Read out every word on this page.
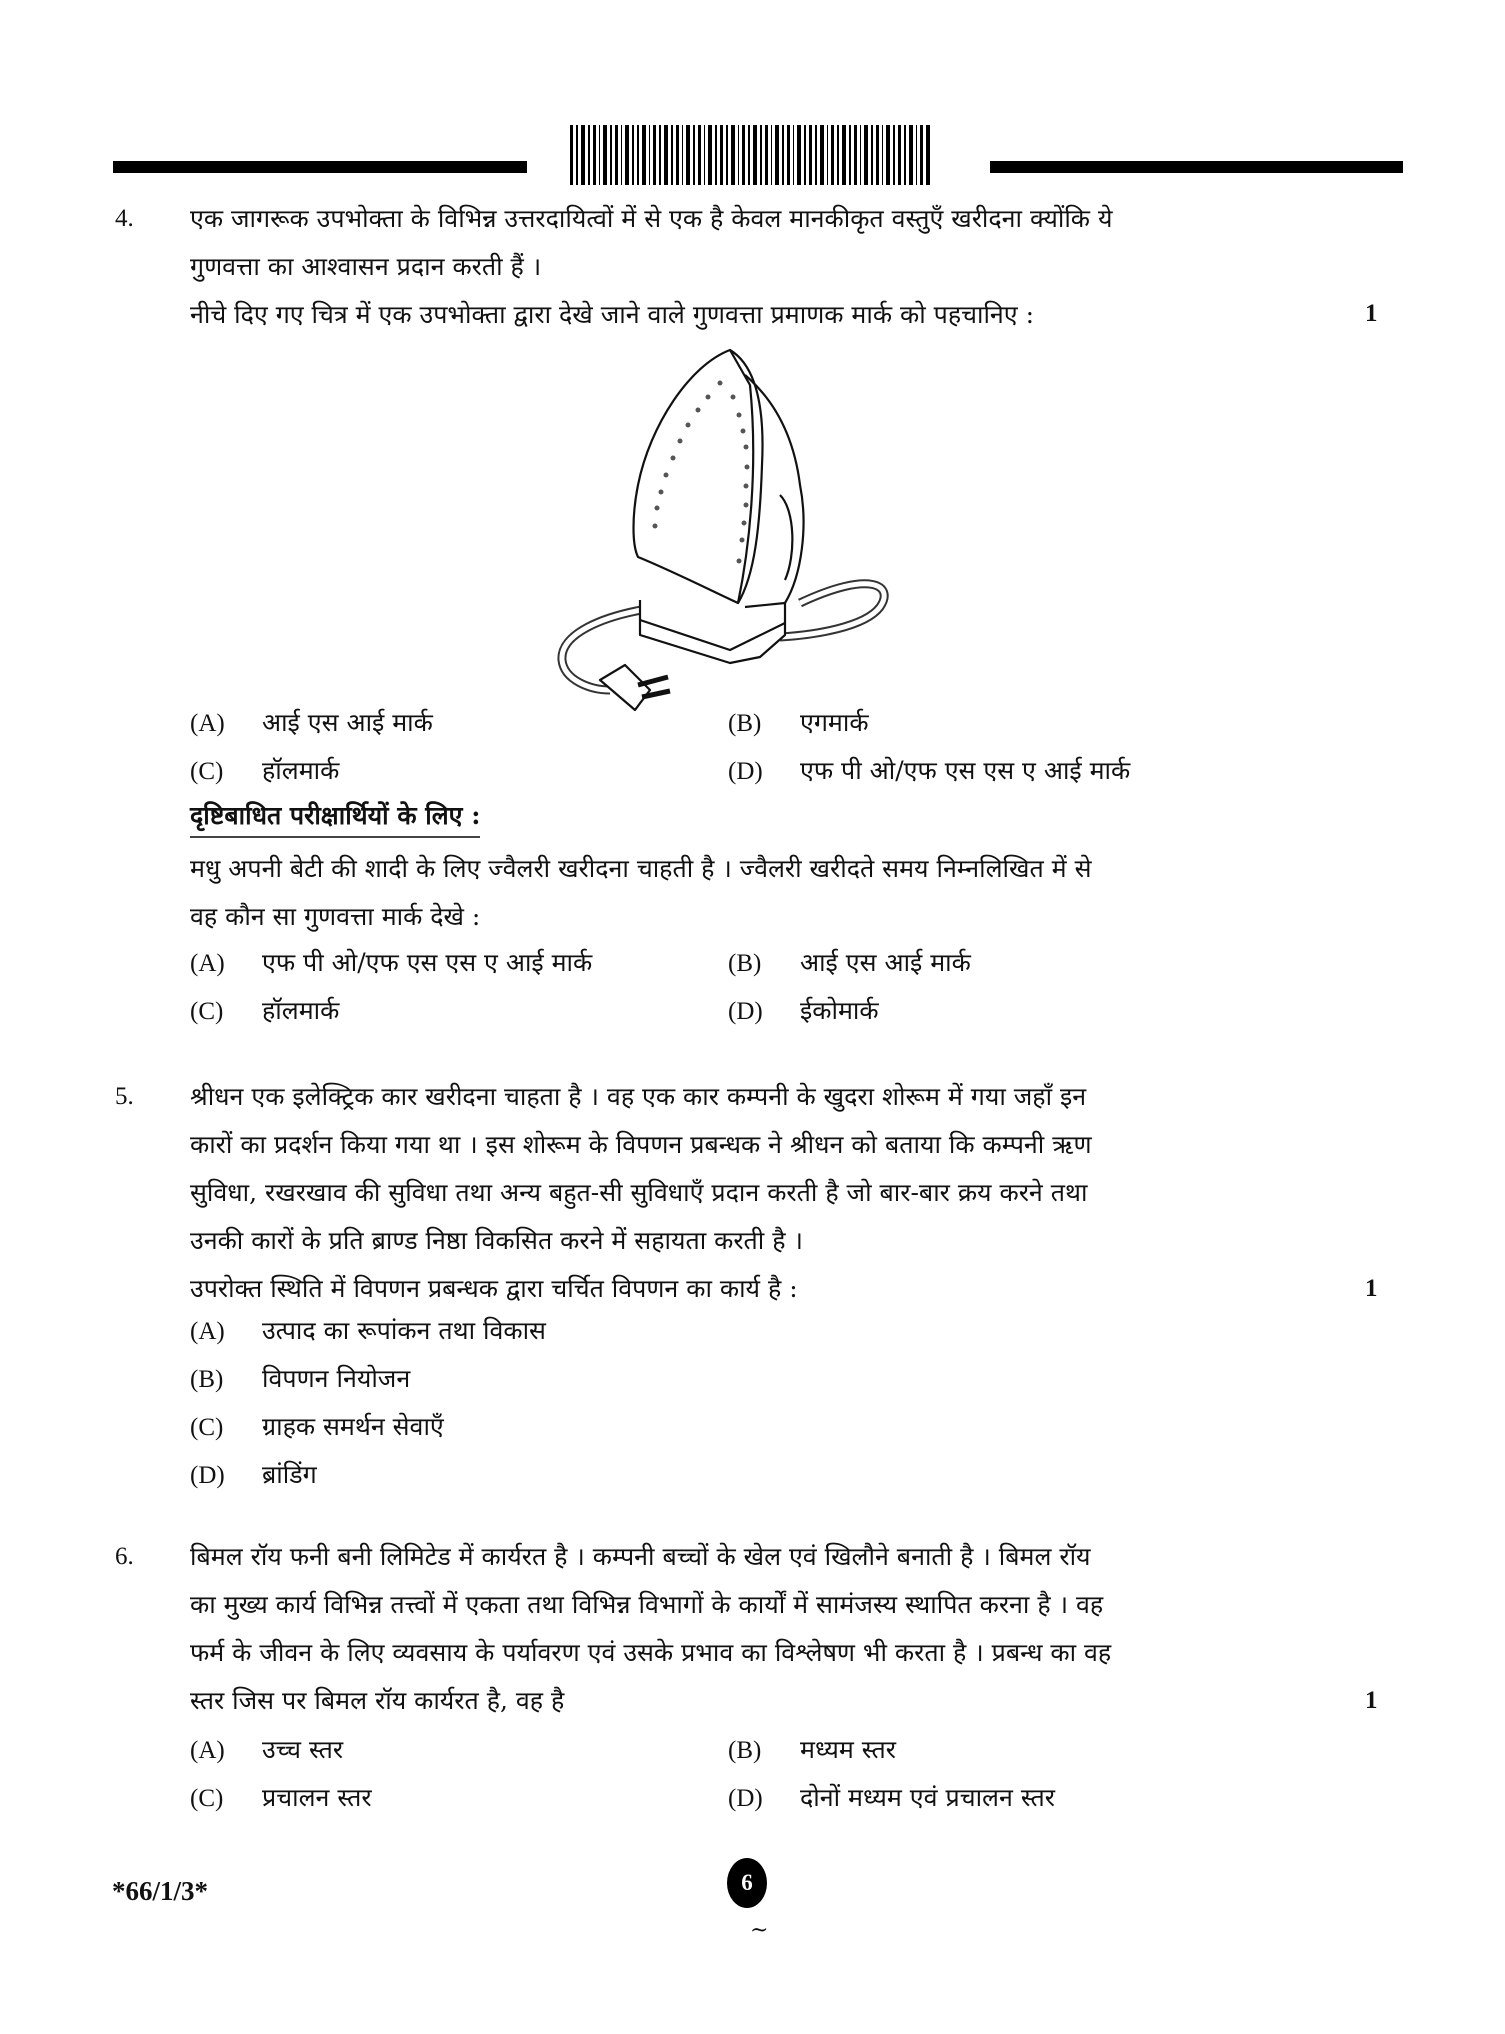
4. एक जागरूक उपभोक्ता के विभिन्न उत्तरदायित्वों में से एक है केवल मानकीकृत वस्तुएँ खरीदना क्योंकि ये
गुणवत्ता का आश्वासन प्रदान करती हैं ।
नीचे दिए गए चित्र में एक उपभोक्ता द्वारा देखे जाने वाले गुणवत्ता प्रमाणक मार्क को पहचानिए :	1
(A) आई एस आई मार्क	(B) एगमार्क
(C) हॉलमार्क	(D) एफ पी ओ/एफ एस एस ए आई मार्क
दृष्टिबाधित परीक्षार्थियों के लिए :
मधु अपनी बेटी की शादी के लिए ज्वैलरी खरीदना चाहती है । ज्वैलरी खरीदते समय निम्नलिखित में से
वह कौन सा गुणवत्ता मार्क देखे :
(A) एफ पी ओ/एफ एस एस ए आई मार्क	(B) आई एस आई मार्क
(C) हॉलमार्क	(D) ईकोमार्क
5. श्रीधन एक इलेक्ट्रिक कार खरीदना चाहता है । वह एक कार कम्पनी के खुदरा शोरूम में गया जहाँ इन
कारों का प्रदर्शन किया गया था । इस शोरूम के विपणन प्रबन्धक ने श्रीधन को बताया कि कम्पनी ऋण
सुविधा, रखरखाव की सुविधा तथा अन्य बहुत-सी सुविधाएँ प्रदान करती है जो बार-बार क्रय करने तथा
उनकी कारों के प्रति ब्राण्ड निष्ठा विकसित करने में सहायता करती है ।
उपरोक्त स्थिति में विपणन प्रबन्धक द्वारा चर्चित विपणन का कार्य है :	1
(A) उत्पाद का रूपांकन तथा विकास
(B) विपणन नियोजन
(C) ग्राहक समर्थन सेवाएँ
(D) ब्रांडिंग
6. बिमल रॉय फनी बनी लिमिटेड में कार्यरत है । कम्पनी बच्चों के खेल एवं खिलौने बनाती है । बिमल रॉय
का मुख्य कार्य विभिन्न तत्त्वों में एकता तथा विभिन्न विभागों के कार्यों में सामंजस्य स्थापित करना है । वह
फर्म के जीवन के लिए व्यवसाय के पर्यावरण एवं उसके प्रभाव का विश्लेषण भी करता है । प्रबन्ध का वह
स्तर जिस पर बिमल रॉय कार्यरत है, वह है	1
(A) उच्च स्तर	(B) मध्यम स्तर
(C) प्रचालन स्तर	(D) दोनों मध्यम एवं प्रचालन स्तर
*66/1/3*	6
~
